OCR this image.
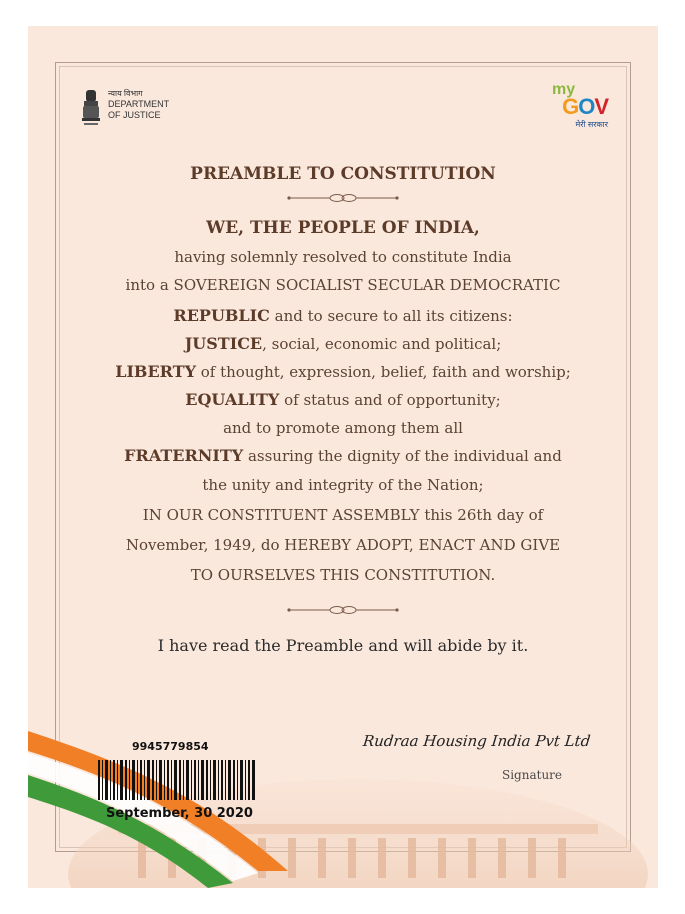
न्याय विभाग
DEPARTMENT
OF JUSTICE
my
GOV
मेरी सरकार
PREAMBLE TO CONSTITUTION
WE, THE PEOPLE OF INDIA,
having solemnly resolved to constitute India
into a SOVEREIGN SOCIALIST SECULAR DEMOCRATIC
REPUBLIC and to secure to all its citizens:
JUSTICE, social, economic and political;
LIBERTY of thought, expression, belief, faith and worship;
EQUALITY of status and of opportunity;
and to promote among them all
FRATERNITY assuring the dignity of the individual and
the unity and integrity of the Nation;
IN OUR CONSTITUENT ASSEMBLY this 26th day of
November, 1949, do HEREBY ADOPT, ENACT AND GIVE
TO OURSELVES THIS CONSTITUTION.
I have read the Preamble and will abide by it.
Rudraa Housing India Pvt Ltd
Signature
9945779854
September, 30 2020
